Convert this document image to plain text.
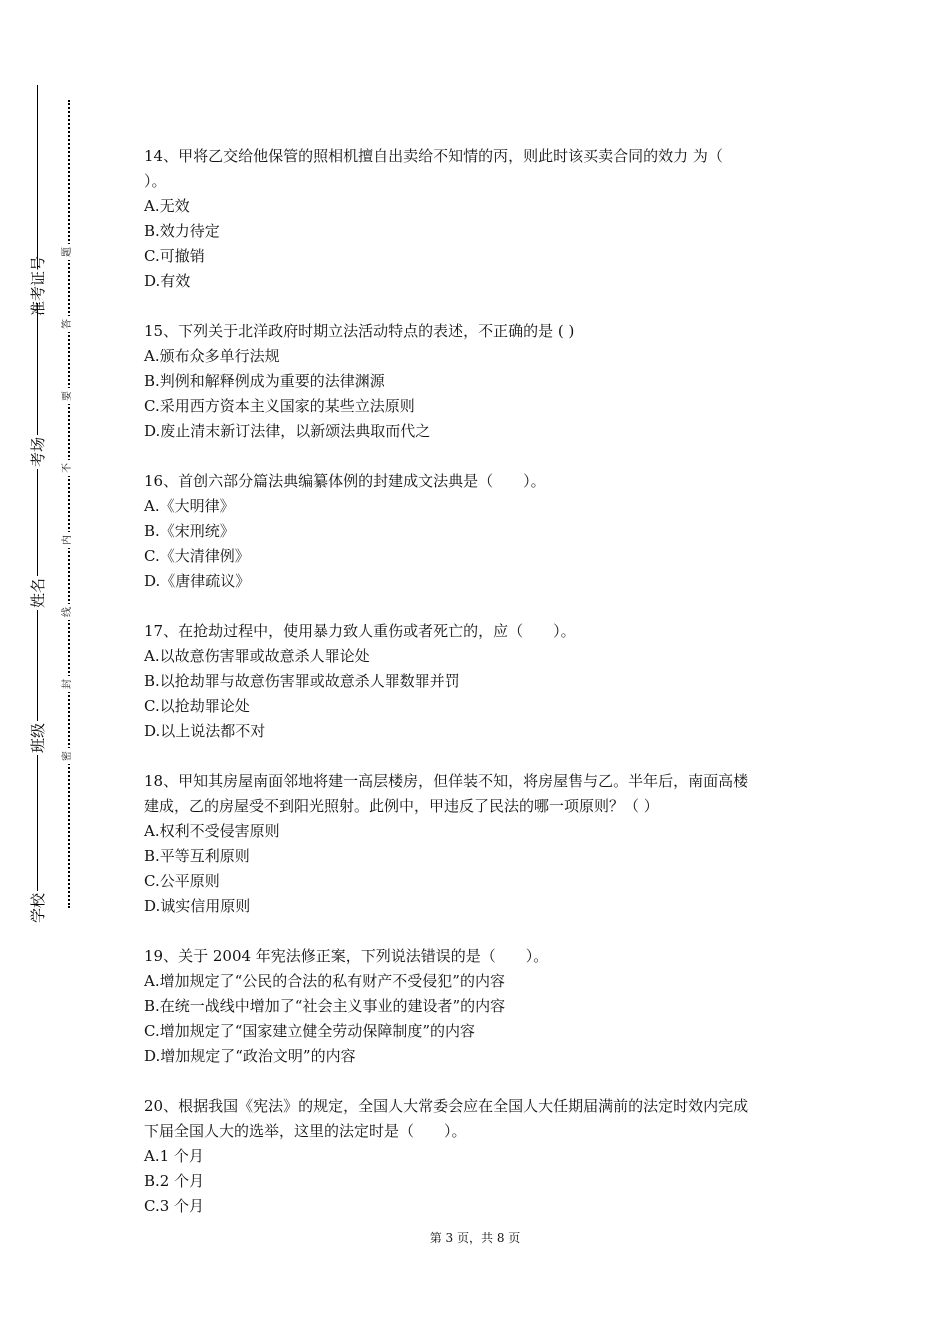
准考证号
考场
姓名
班级
学校
题
答
要
不
内
线
封
密

14、甲将乙交给他保管的照相机擅自出卖给不知情的丙，则此时该买卖合同的效力 为（

）。

A.无效

B.效力待定

C.可撤销

D.有效

15、下列关于北洋政府时期立法活动特点的表述，不正确的是 ( )

A.颁布众多单行法规

B.判例和解释例成为重要的法律渊源

C.采用西方资本主义国家的某些立法原则

D.废止清末新订法律，以新颂法典取而代之

16、首创六部分篇法典编纂体例的封建成文法典是（　　）。

A.《大明律》

B.《宋刑统》

C.《大清律例》

D.《唐律疏议》

17、在抢劫过程中，使用暴力致人重伤或者死亡的，应（　　）。

A.以故意伤害罪或故意杀人罪论处

B.以抢劫罪与故意伤害罪或故意杀人罪数罪并罚

C.以抢劫罪论处

D.以上说法都不对

18、甲知其房屋南面邻地将建一高层楼房，但佯装不知，将房屋售与乙。半年后，南面高楼

建成，乙的房屋受不到阳光照射。此例中，甲违反了民法的哪一项原则？（ ）

A.权利不受侵害原则

B.平等互利原则

C.公平原则

D.诚实信用原则

19、关于 2004 年宪法修正案，下列说法错误的是（　　）。

A.增加规定了“公民的合法的私有财产不受侵犯”的内容

B.在统一战线中增加了“社会主义事业的建设者”的内容

C.增加规定了“国家建立健全劳动保障制度”的内容

D.增加规定了“政治文明”的内容

20、根据我国《宪法》的规定，全国人大常委会应在全国人大任期届满前的法定时效内完成

下届全国人大的选举，这里的法定时是（　　）。

A.1 个月

B.2 个月

C.3 个月

第 3 页，共 8 页
